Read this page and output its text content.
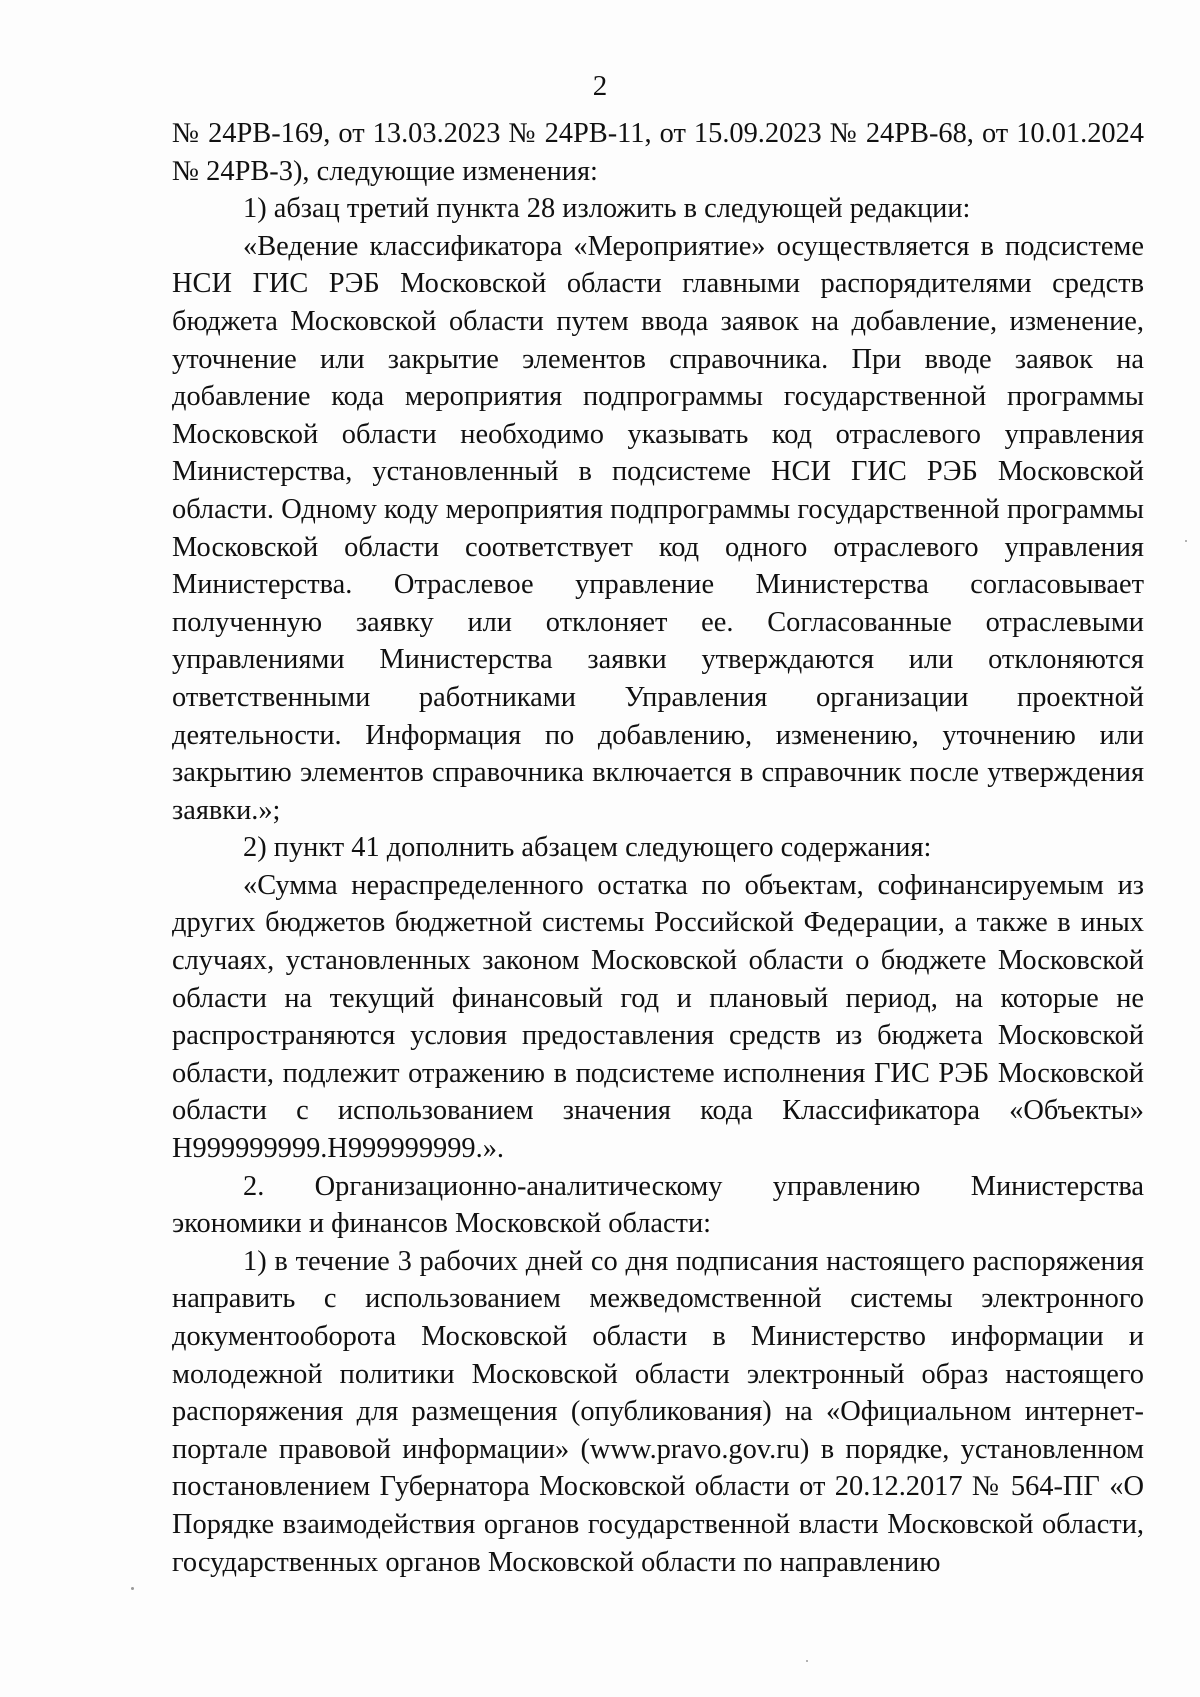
2

№ 24РВ-169, от 13.03.2023 № 24РВ-11, от 15.09.2023 № 24РВ-68, от 10.01.2024 № 24РВ-3), следующие изменения:

1) абзац третий пункта 28 изложить в следующей редакции:

«Ведение классификатора «Мероприятие» осуществляется в подсистеме НСИ ГИС РЭБ Московской области главными распорядителями средств бюджета Московской области путем ввода заявок на добавление, изменение, уточнение или закрытие элементов справочника. При вводе заявок на добавление кода мероприятия подпрограммы государственной программы Московской области необходимо указывать код отраслевого управления Министерства, установленный в подсистеме НСИ ГИС РЭБ Московской области. Одному коду мероприятия подпрограммы государственной программы Московской области соответствует код одного отраслевого управления Министерства. Отраслевое управление Министерства согласовывает полученную заявку или отклоняет ее. Согласованные отраслевыми управлениями Министерства заявки утверждаются или отклоняются ответственными работниками Управления организации проектной деятельности. Информация по добавлению, изменению, уточнению или закрытию элементов справочника включается в справочник после утверждения заявки.»;

2) пункт 41 дополнить абзацем следующего содержания:

«Сумма нераспределенного остатка по объектам, софинансируемым из других бюджетов бюджетной системы Российской Федерации, а также в иных случаях, установленных законом Московской области о бюджете Московской области на текущий финансовый год и плановый период, на которые не распространяются условия предоставления средств из бюджета Московской области, подлежит отражению в подсистеме исполнения ГИС РЭБ Московской области с использованием значения кода Классификатора «Объекты» Н999999999.Н999999999.».

2. Организационно-аналитическому управлению Министерства экономики и финансов Московской области:

1) в течение 3 рабочих дней со дня подписания настоящего распоряжения направить с использованием межведомственной системы электронного документооборота Московской области в Министерство информации и молодежной политики Московской области электронный образ настоящего распоряжения для размещения (опубликования) на «Официальном интернет-портале правовой информации» (www.pravo.gov.ru) в порядке, установленном постановлением Губернатора Московской области от 20.12.2017 № 564-ПГ «О Порядке взаимодействия органов государственной власти Московской области, государственных органов Московской области по направлению
